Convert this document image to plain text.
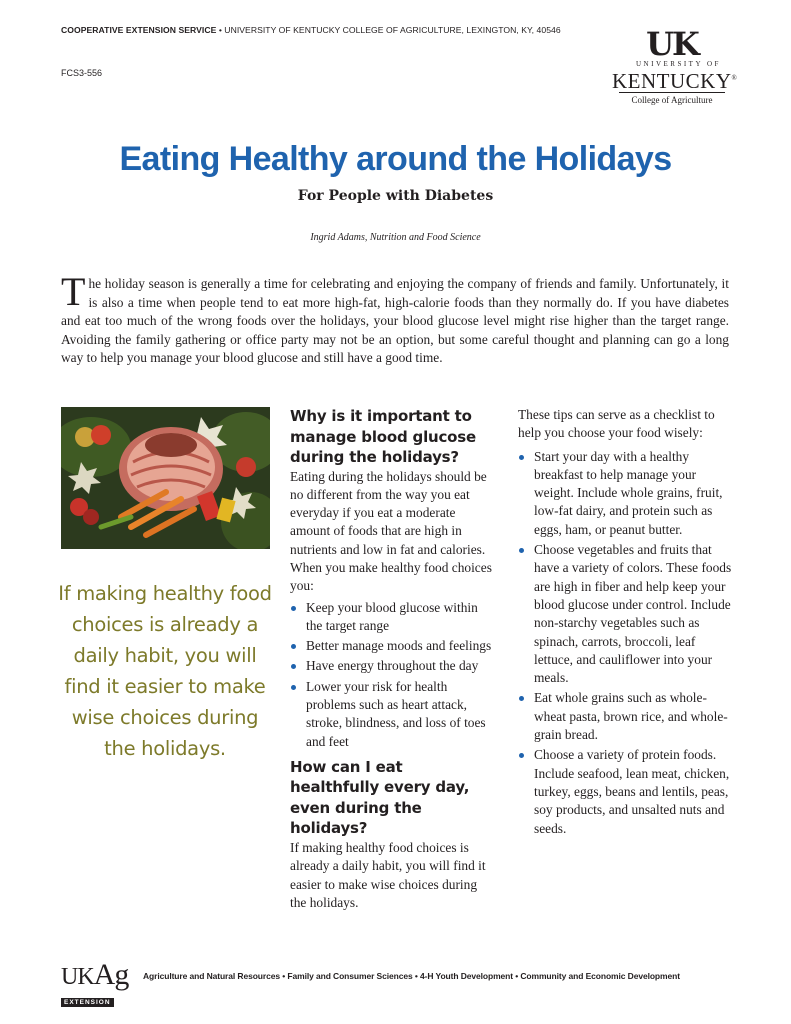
COOPERATIVE EXTENSION SERVICE • UNIVERSITY OF KENTUCKY COLLEGE OF AGRICULTURE, LEXINGTON, KY, 40546
FCS3-556
UK
UNIVERSITY OF
KENTUCKY®
College of Agriculture
Eating Healthy around the Holidays
For People with Diabetes
Ingrid Adams, Nutrition and Food Science
The holiday season is generally a time for celebrating and enjoying the company of friends and family. Unfortunately, it is also a time when people tend to eat more high-fat, high-calorie foods than they normally do. If you have diabetes and eat too much of the wrong foods over the holidays, your blood glucose level might rise higher than the target range. Avoiding the family gathering or office party may not be an option, but some careful thought and planning can go a long way to help you manage your blood glucose and still have a good time.
If making healthy food choices is already a daily habit, you will find it easier to make wise choices during the holidays.
Why is it important to manage blood glucose during the holidays?

Eating during the holidays should be no different from the way you eat everyday if you eat a moderate amount of foods that are high in nutrients and low in fat and calories. When you make healthy food choices you:

Keep your blood glucose within the target range
Better manage moods and feelings
Have energy throughout the day
Lower your risk for health problems such as heart attack, stroke, blindness, and loss of toes and feet
How can I eat healthfully every day, even during the holidays?

If making healthy food choices is already a daily habit, you will find it easier to make wise choices during the holidays.

These tips can serve as a checklist to help you choose your food wisely:

Start your day with a healthy breakfast to help manage your weight. Include whole grains, fruit, low-fat dairy, and protein such as eggs, ham, or peanut butter.
Choose vegetables and fruits that have a variety of colors. These foods are high in fiber and help keep your blood glucose under control. Include non-starchy vegetables such as spinach, carrots, broccoli, leaf lettuce, and cauliflower into your meals.
Eat whole grains such as whole-wheat pasta, brown rice, and whole-grain bread.
Choose a variety of protein foods. Include seafood, lean meat, chicken, turkey, eggs, beans and lentils, peas, soy products, and unsalted nuts and seeds.
UKAg
EXTENSION
Agriculture and Natural Resources • Family and Consumer Sciences • 4-H Youth Development • Community and Economic Development
